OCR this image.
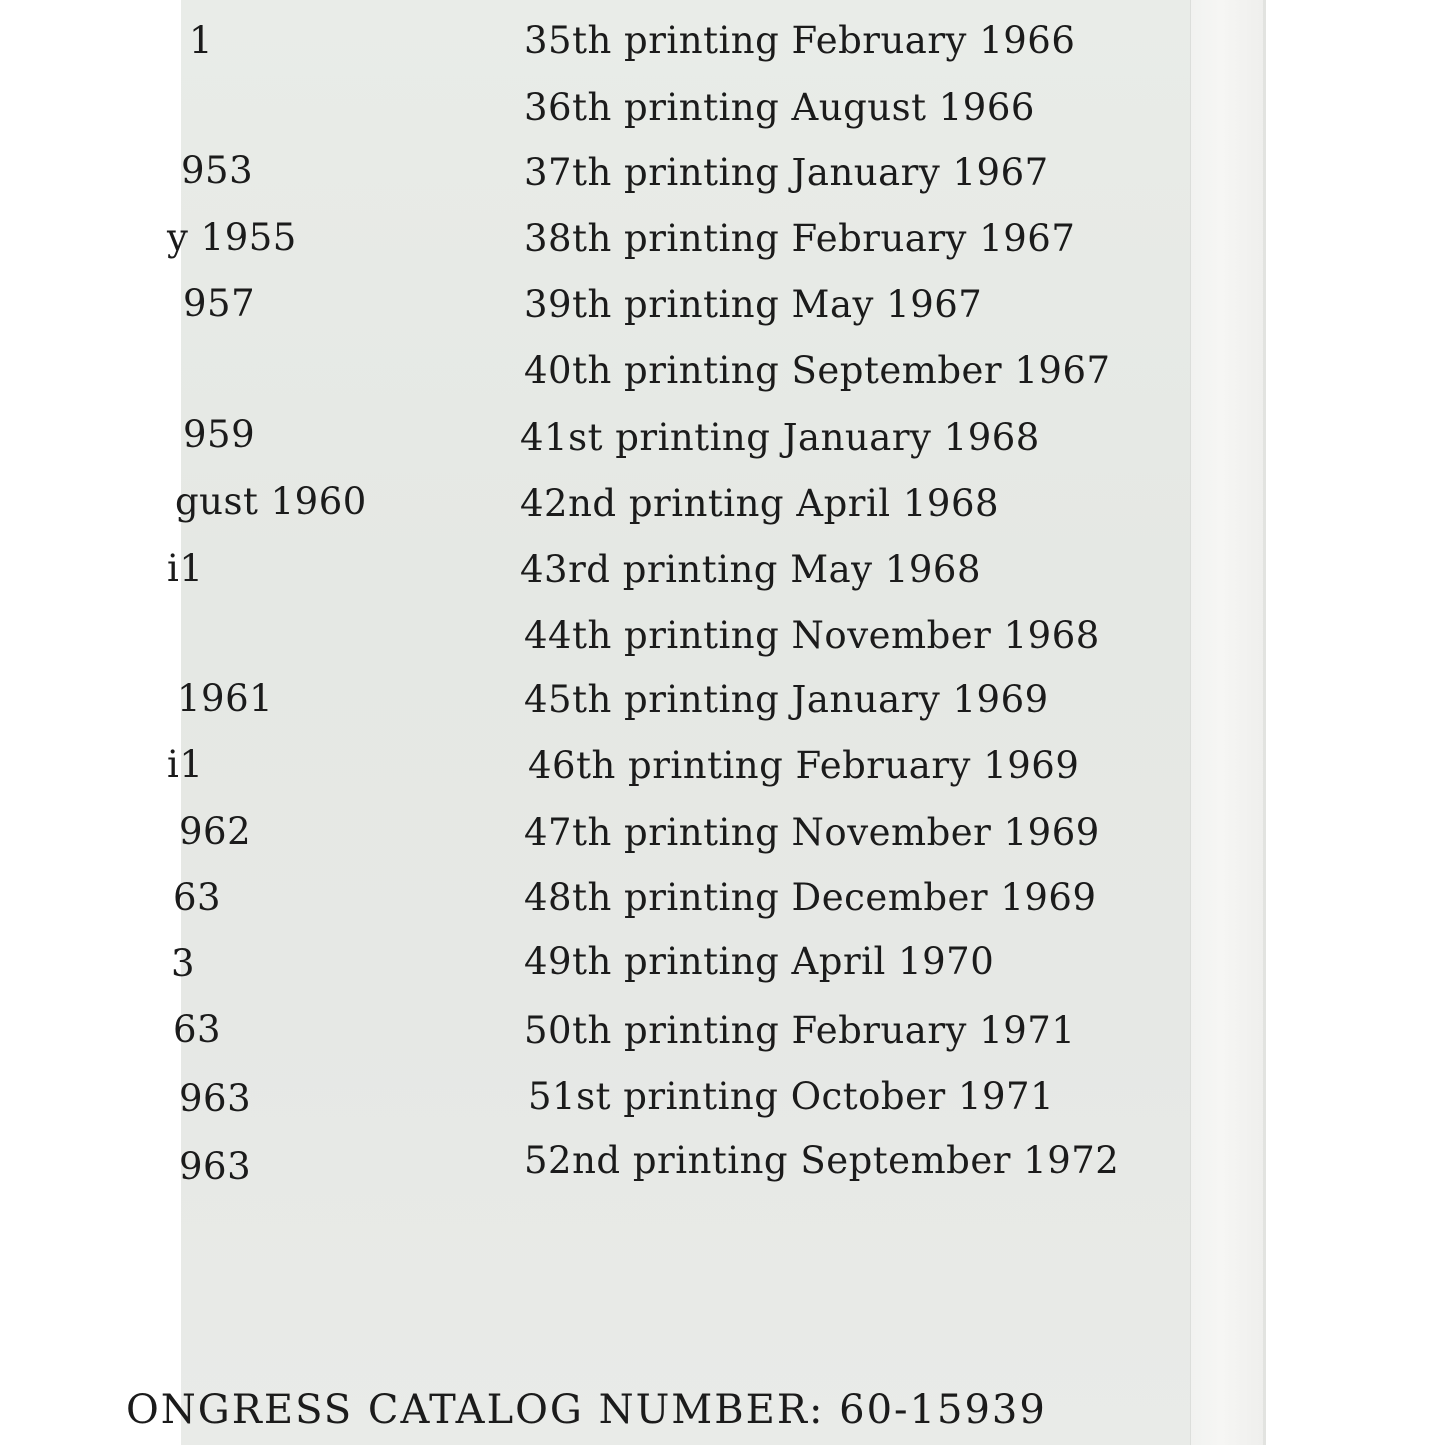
1
953
y 1955
957
959
gust 1960
i1
1961
i1
962
63
3
63
963
963
35th printing February 1966
36th printing August 1966
37th printing January 1967
38th printing February 1967
39th printing May 1967
40th printing September 1967
41st printing January 1968
42nd printing April 1968
43rd printing May 1968
44th printing November 1968
45th printing January 1969
46th printing February 1969
47th printing November 1969
48th printing December 1969
49th printing April 1970
50th printing February 1971
51st printing October 1971
52nd printing September 1972
ONGRESS CATALOG NUMBER: 60-15939
